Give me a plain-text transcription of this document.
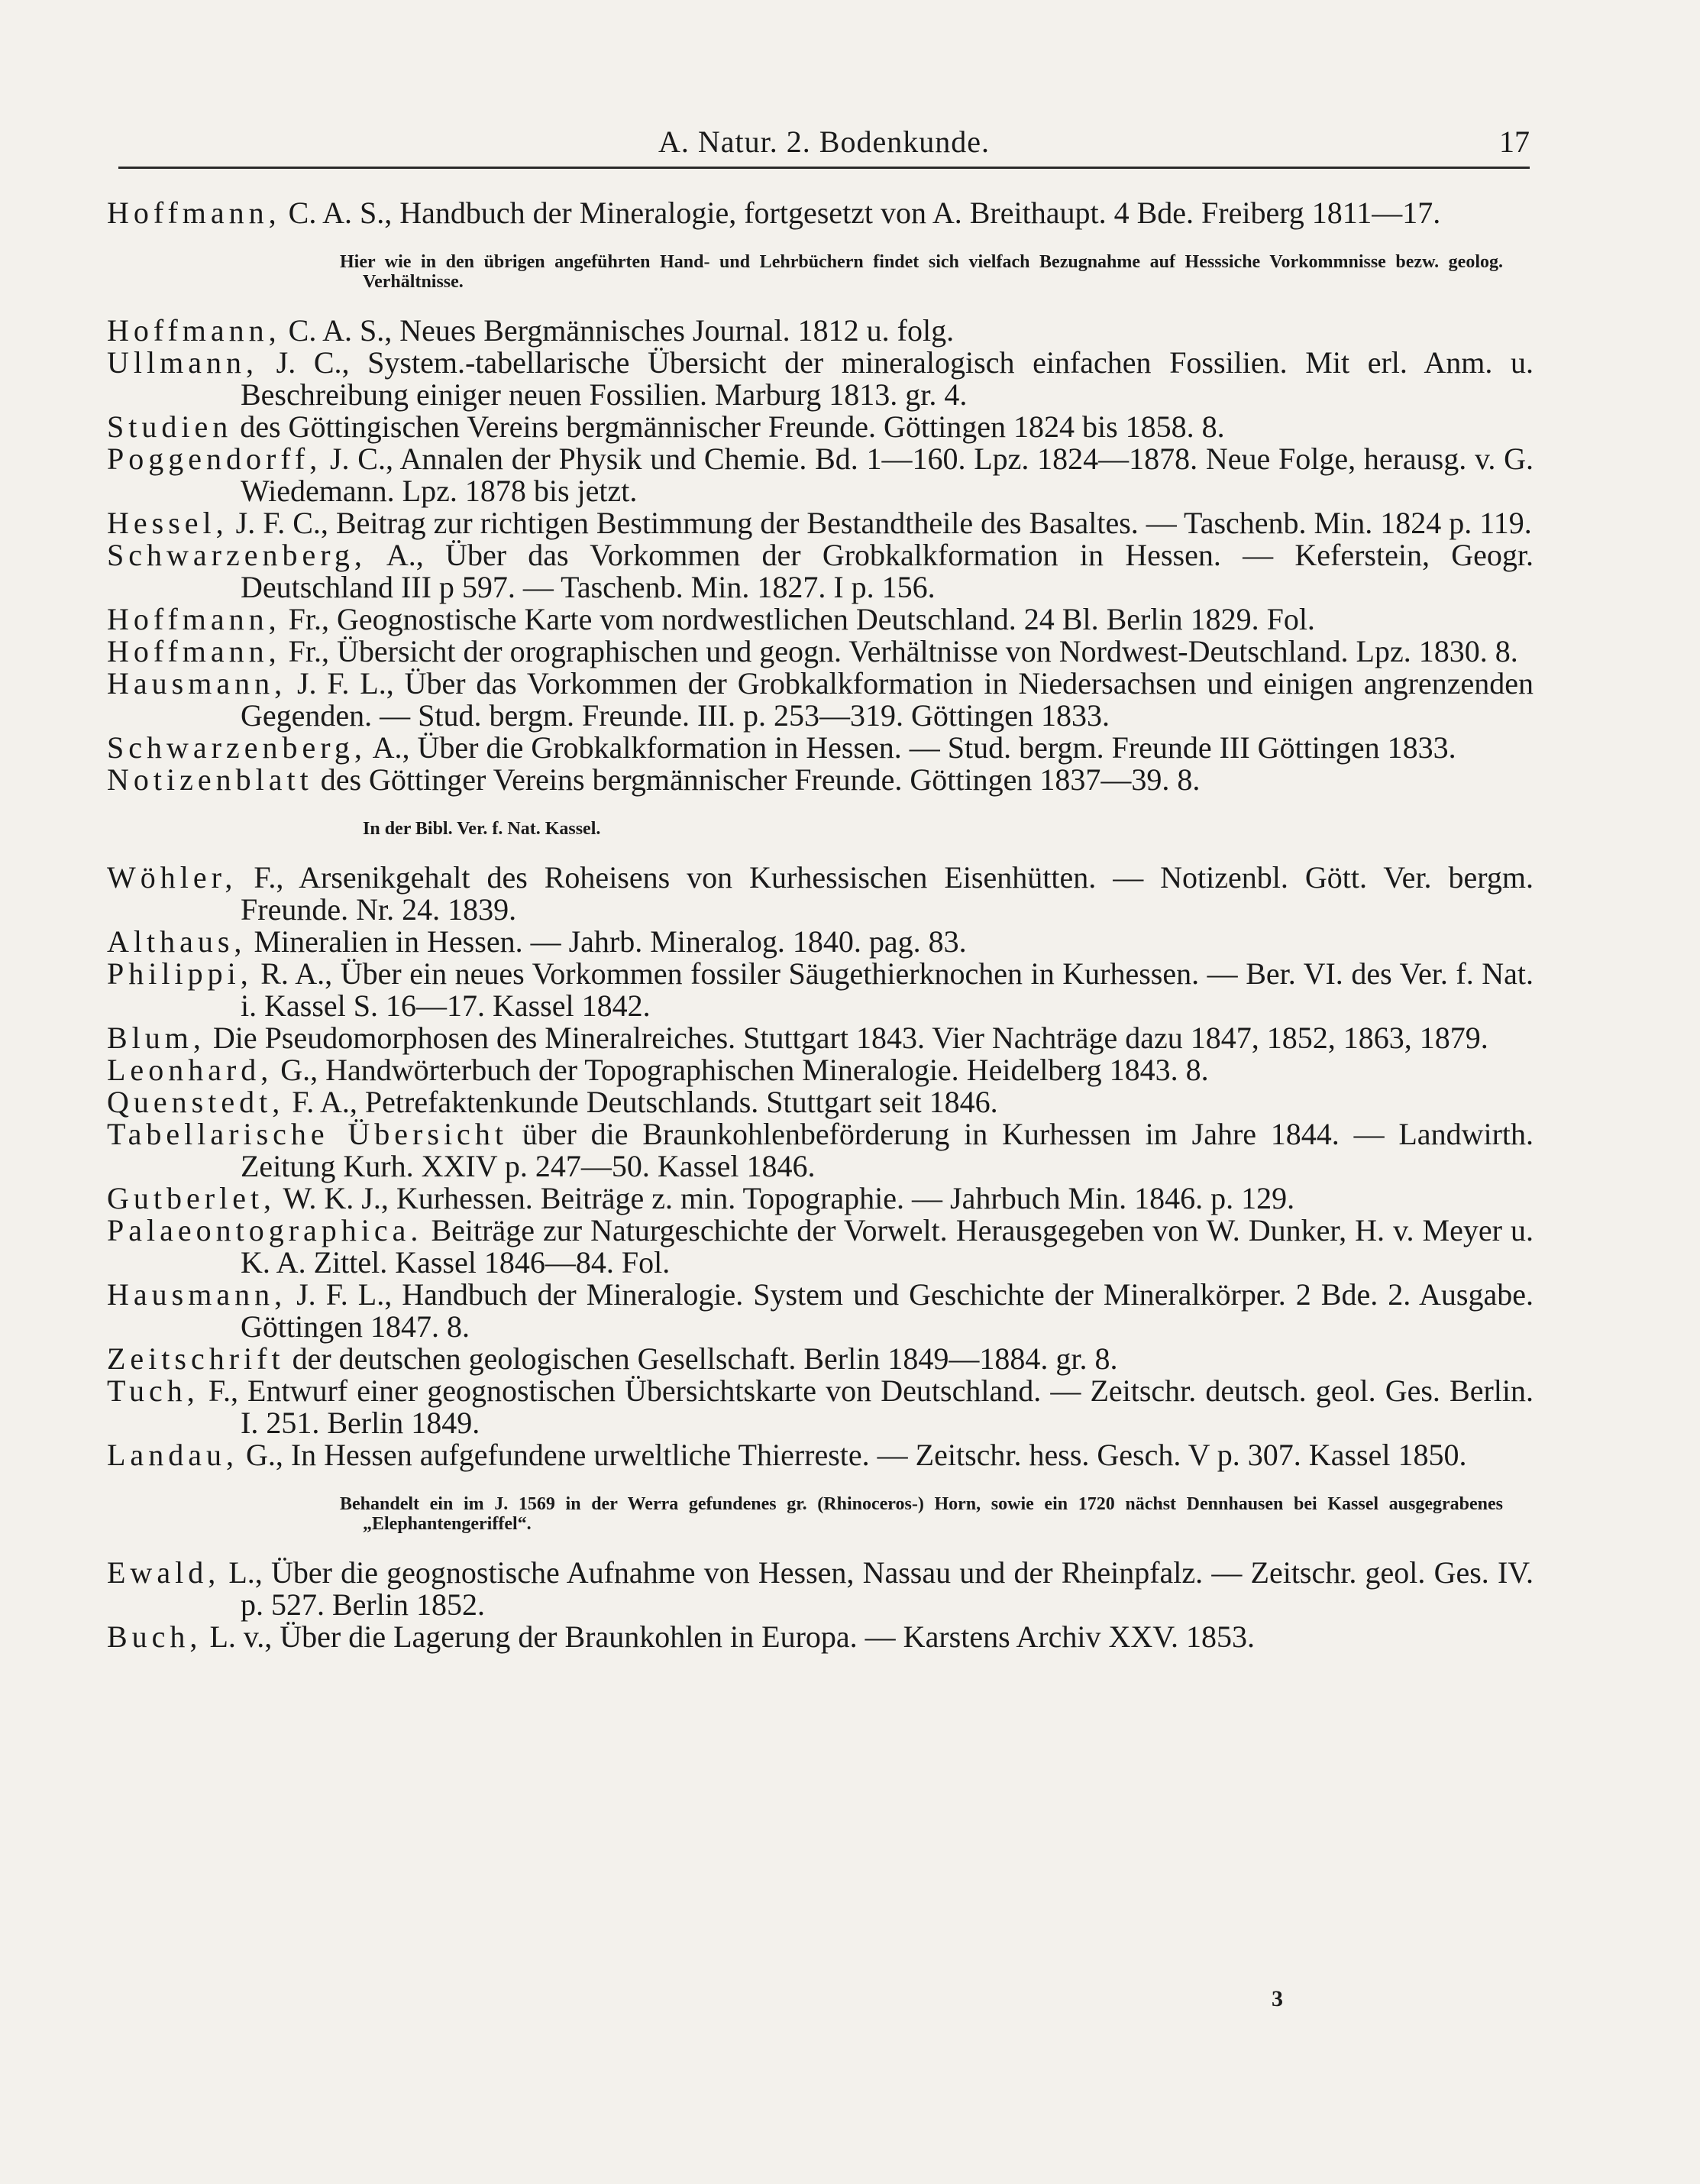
A. Natur. 2. Bodenkunde.	17

Hoffmann, C. A. S., Handbuch der Mineralogie, fortgesetzt von A. Breithaupt. 4 Bde. Freiberg 1811—17.

Hier wie in den übrigen angeführten Hand- und Lehrbüchern findet sich vielfach Bezugnahme auf Hesssiche Vorkommnisse bezw. geolog. Verhältnisse.

Hoffmann, C. A. S., Neues Bergmännisches Journal. 1812 u. folg.

Ullmann, J. C., System.-tabellarische Übersicht der mineralogisch einfachen Fossilien. Mit erl. Anm. u. Beschreibung einiger neuen Fossilien. Marburg 1813. gr. 4.

Studien des Göttingischen Vereins bergmännischer Freunde. Göttingen 1824 bis 1858. 8.

Poggendorff, J. C., Annalen der Physik und Chemie. Bd. 1—160. Lpz. 1824—1878. Neue Folge, herausg. v. G. Wiedemann. Lpz. 1878 bis jetzt.

Hessel, J. F. C., Beitrag zur richtigen Bestimmung der Bestandtheile des Basaltes. — Taschenb. Min. 1824 p. 119.

Schwarzenberg, A., Über das Vorkommen der Grobkalkformation in Hessen. — Keferstein, Geogr. Deutschland III p 597. — Taschenb. Min. 1827. I p. 156.

Hoffmann, Fr., Geognostische Karte vom nordwestlichen Deutschland. 24 Bl. Berlin 1829. Fol.

Hoffmann, Fr., Übersicht der orographischen und geogn. Verhältnisse von Nordwest-Deutschland. Lpz. 1830. 8.

Hausmann, J. F. L., Über das Vorkommen der Grobkalkformation in Niedersachsen und einigen angrenzenden Gegenden. — Stud. bergm. Freunde. III. p. 253—319. Göttingen 1833.

Schwarzenberg, A., Über die Grobkalkformation in Hessen. — Stud. bergm. Freunde III Göttingen 1833.

Notizenblatt des Göttinger Vereins bergmännischer Freunde. Göttingen 1837—39. 8.

In der Bibl. Ver. f. Nat. Kassel.

Wöhler, F., Arsenikgehalt des Roheisens von Kurhessischen Eisenhütten. — Notizenbl. Gött. Ver. bergm. Freunde. Nr. 24. 1839.

Althaus, Mineralien in Hessen. — Jahrb. Mineralog. 1840. pag. 83.

Philippi, R. A., Über ein neues Vorkommen fossiler Säugethierknochen in Kurhessen. — Ber. VI. des Ver. f. Nat. i. Kassel S. 16—17. Kassel 1842.

Blum, Die Pseudomorphosen des Mineralreiches. Stuttgart 1843. Vier Nachträge dazu 1847, 1852, 1863, 1879.

Leonhard, G., Handwörterbuch der Topographischen Mineralogie. Heidelberg 1843. 8.

Quenstedt, F. A., Petrefaktenkunde Deutschlands. Stuttgart seit 1846.

Tabellarische Übersicht über die Braunkohlenbeförderung in Kurhessen im Jahre 1844. — Landwirth. Zeitung Kurh. XXIV p. 247—50. Kassel 1846.

Gutberlet, W. K. J., Kurhessen. Beiträge z. min. Topographie. — Jahrbuch Min. 1846. p. 129.

Palaeontographica. Beiträge zur Naturgeschichte der Vorwelt. Herausgegeben von W. Dunker, H. v. Meyer u. K. A. Zittel. Kassel 1846—84. Fol.

Hausmann, J. F. L., Handbuch der Mineralogie. System und Geschichte der Mineralkörper. 2 Bde. 2. Ausgabe. Göttingen 1847. 8.

Zeitschrift der deutschen geologischen Gesellschaft. Berlin 1849—1884. gr. 8.

Tuch, F., Entwurf einer geognostischen Übersichtskarte von Deutschland. — Zeitschr. deutsch. geol. Ges. Berlin. I. 251. Berlin 1849.

Landau, G., In Hessen aufgefundene urweltliche Thierreste. — Zeitschr. hess. Gesch. V p. 307. Kassel 1850.

Behandelt ein im J. 1569 in der Werra gefundenes gr. (Rhinoceros-) Horn, sowie ein 1720 nächst Dennhausen bei Kassel ausgegrabenes „Elephantengeriffel“.

Ewald, L., Über die geognostische Aufnahme von Hessen, Nassau und der Rheinpfalz. — Zeitschr. geol. Ges. IV. p. 527. Berlin 1852.

Buch, L. v., Über die Lagerung der Braunkohlen in Europa. — Karstens Archiv XXV. 1853.

3
